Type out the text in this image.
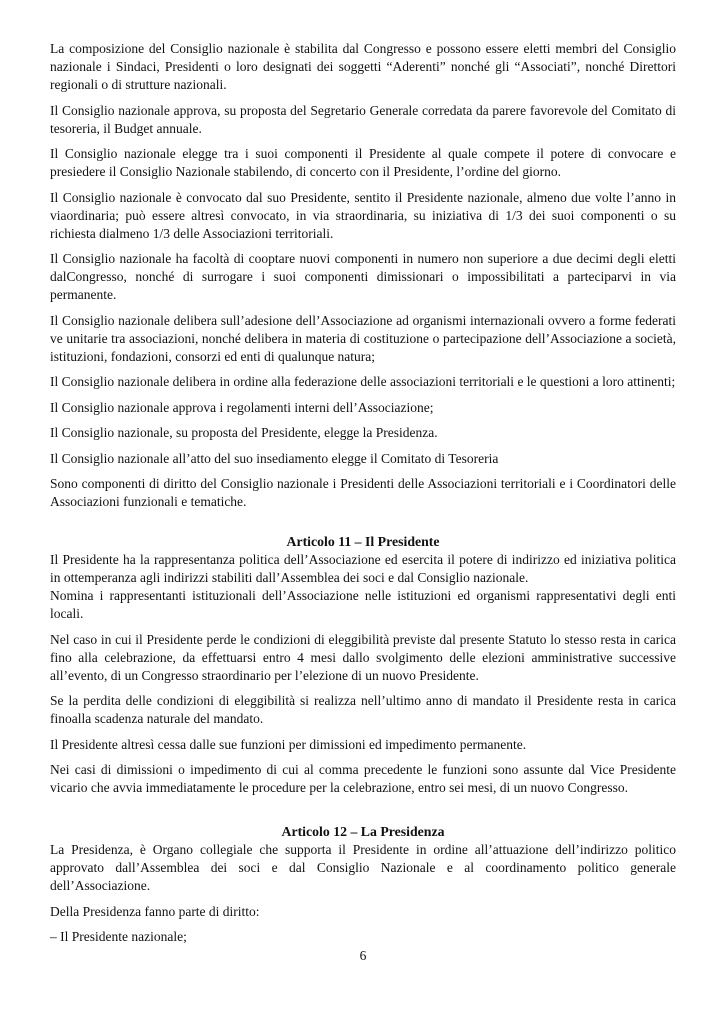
La composizione del Consiglio nazionale è stabilita dal Congresso e possono essere eletti membri del Consiglio nazionale i Sindaci, Presidenti o loro designati dei soggetti “Aderenti” nonché gli “Associati”, nonché Direttori regionali o di strutture nazionali.

Il Consiglio nazionale approva, su proposta del Segretario Generale corredata da parere favorevole del Comitato di tesoreria, il Budget annuale.

Il Consiglio nazionale elegge tra i suoi componenti il Presidente al quale compete il potere di convocare e presiedere il Consiglio Nazionale stabilendo, di concerto con il Presidente, l’ordine del giorno.

Il Consiglio nazionale è convocato dal suo Presidente, sentito il Presidente nazionale, almeno due volte l’anno in viaordinaria; può essere altresì convocato, in via straordinaria, su iniziativa di 1/3 dei suoi componenti o su richiesta dialmeno 1/3 delle Associazioni territoriali.

Il Consiglio nazionale ha facoltà di cooptare nuovi componenti in numero non superiore a due decimi degli eletti dalCongresso, nonché di surrogare i suoi componenti dimissionari o impossibilitati a parteciparvi in via permanente.

Il Consiglio nazionale delibera sull’adesione dell’Associazione ad organismi internazionali ovvero a forme federati ve unitarie tra associazioni, nonché delibera in materia di costituzione o partecipazione dell’Associazione a società, istituzioni, fondazioni, consorzi ed enti di qualunque natura;

Il Consiglio nazionale delibera in ordine alla federazione delle associazioni territoriali e le questioni a loro attinenti;

Il Consiglio nazionale approva i regolamenti interni dell’Associazione;

Il Consiglio nazionale, su proposta del Presidente, elegge la Presidenza.

Il Consiglio nazionale all’atto del suo insediamento elegge il Comitato di Tesoreria

Sono componenti di diritto del Consiglio nazionale i Presidenti delle Associazioni territoriali e i Coordinatori delle Associazioni funzionali e tematiche.

Articolo 11 – Il Presidente

Il Presidente ha la rappresentanza politica dell’Associazione ed esercita il potere di indirizzo ed iniziativa politica in ottemperanza agli indirizzi stabiliti dall’Assemblea dei soci e dal Consiglio nazionale.

Nomina i rappresentanti istituzionali dell’Associazione nelle istituzioni ed organismi rappresentativi degli enti locali.

Nel caso in cui il Presidente perde le condizioni di eleggibilità previste dal presente Statuto lo stesso resta in carica fino alla celebrazione, da effettuarsi entro 4 mesi dallo svolgimento delle elezioni amministrative successive all’evento, di un Congresso straordinario per l’elezione di un nuovo Presidente.

Se la perdita delle condizioni di eleggibilità si realizza nell’ultimo anno di mandato il Presidente resta in carica finoalla scadenza naturale del mandato.

Il Presidente altresì cessa dalle sue funzioni per dimissioni ed impedimento permanente.

Nei casi di dimissioni o impedimento di cui al comma precedente le funzioni sono assunte dal Vice Presidente vicario che avvia immediatamente le procedure per la celebrazione, entro sei mesi, di un nuovo Congresso.

Articolo 12 – La Presidenza

La Presidenza, è Organo collegiale che supporta il Presidente in ordine all’attuazione dell’indirizzo politico approvato dall’Assemblea dei soci e dal Consiglio Nazionale e al coordinamento politico generale dell’Associazione.

Della Presidenza fanno parte di diritto:

– Il Presidente nazionale;

6
